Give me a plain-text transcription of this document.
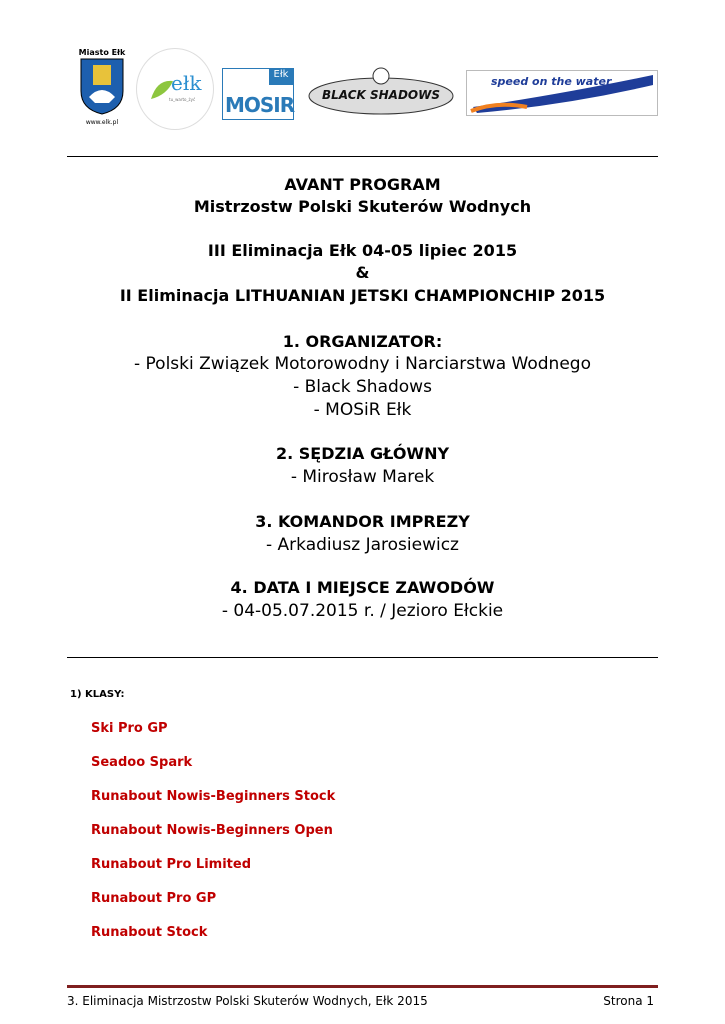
Miasto Ełk
www.elk.pl
ełk
tu_warto_żyć
Ełk
MOSIR	BLACK SHADOWS
speed on the water
AVANT PROGRAM
Mistrzostw Polski Skuterów Wodnych
III Eliminacja Ełk 04-05 lipiec 2015
&
II Eliminacja LITHUANIAN JETSKI CHAMPIONCHIP 2015
1. ORGANIZATOR:
- Polski Związek Motorowodny i Narciarstwa Wodnego
- Black Shadows
- MOSiR Ełk
2. SĘDZIA GŁÓWNY
- Mirosław Marek
3. KOMANDOR IMPREZY
- Arkadiusz Jarosiewicz
4. DATA I MIEJSCE ZAWODÓW
- 04-05.07.2015 r. / Jezioro Ełckie
1) KLASY:
Ski Pro GP
Seadoo Spark
Runabout Nowis-Beginners Stock
Runabout Nowis-Beginners Open
Runabout Pro Limited
Runabout Pro GP
Runabout Stock
3. Eliminacja Mistrzostw Polski Skuterów Wodnych, Ełk 2015	Strona 1
